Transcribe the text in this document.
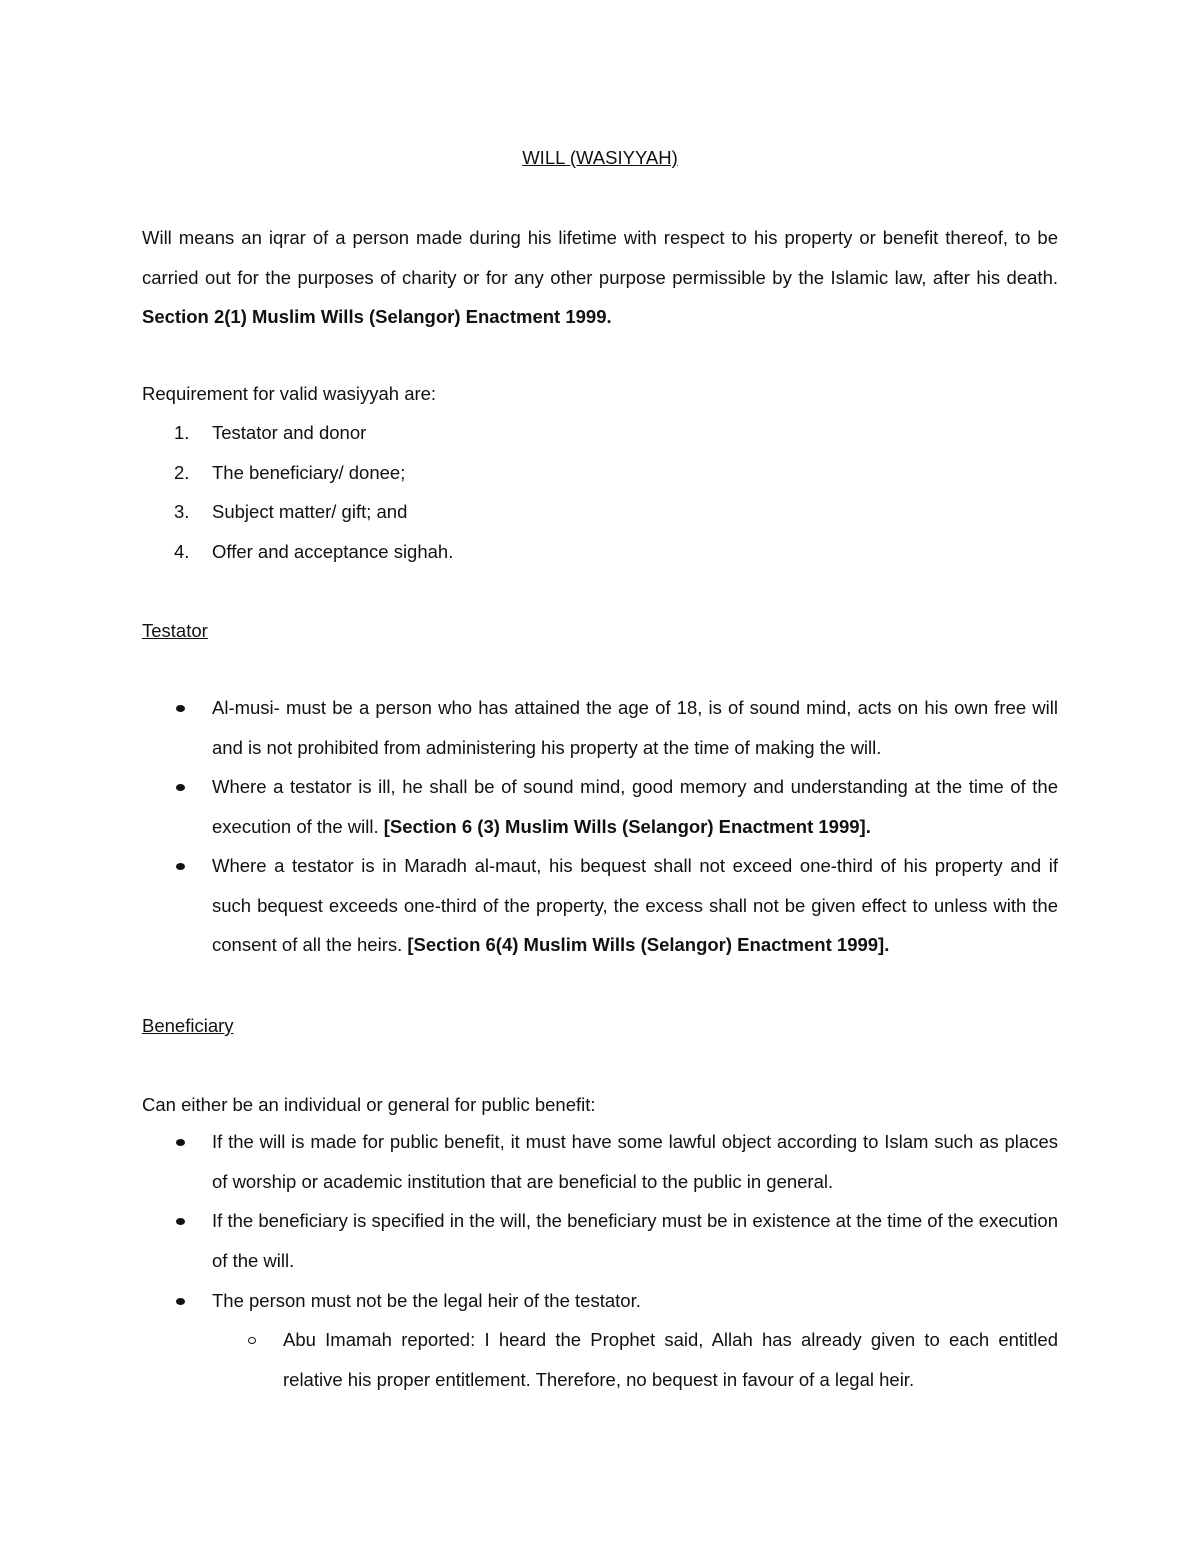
WILL (WASIYYAH)

Will means an iqrar of a person made during his lifetime with respect to his property or benefit thereof, to be carried out for the purposes of charity or for any other purpose permissible by the Islamic law, after his death. Section 2(1) Muslim Wills (Selangor) Enactment 1999.

Requirement for valid wasiyyah are:

1. Testator and donor

2. The beneficiary/ donee;

3. Subject matter/ gift; and

4. Offer and acceptance sighah.

Testator

Al-musi- must be a person who has attained the age of 18, is of sound mind, acts on his own free will and is not prohibited from administering his property at the time of making the will.

Where a testator is ill, he shall be of sound mind, good memory and understanding at the time of the execution of the will. [Section 6 (3) Muslim Wills (Selangor) Enactment 1999].

Where a testator is in Maradh al-maut, his bequest shall not exceed one-third of his property and if such bequest exceeds one-third of the property, the excess shall not be given effect to unless with the consent of all the heirs. [Section 6(4) Muslim Wills (Selangor) Enactment 1999].

Beneficiary

Can either be an individual or general for public benefit:

If the will is made for public benefit, it must have some lawful object according to Islam such as places of worship or academic institution that are beneficial to the public in general.

If the beneficiary is specified in the will, the beneficiary must be in existence at the time of the execution of the will.

The person must not be the legal heir of the testator.

Abu Imamah reported: I heard the Prophet said, Allah has already given to each entitled relative his proper entitlement. Therefore, no bequest in favour of a legal heir.
